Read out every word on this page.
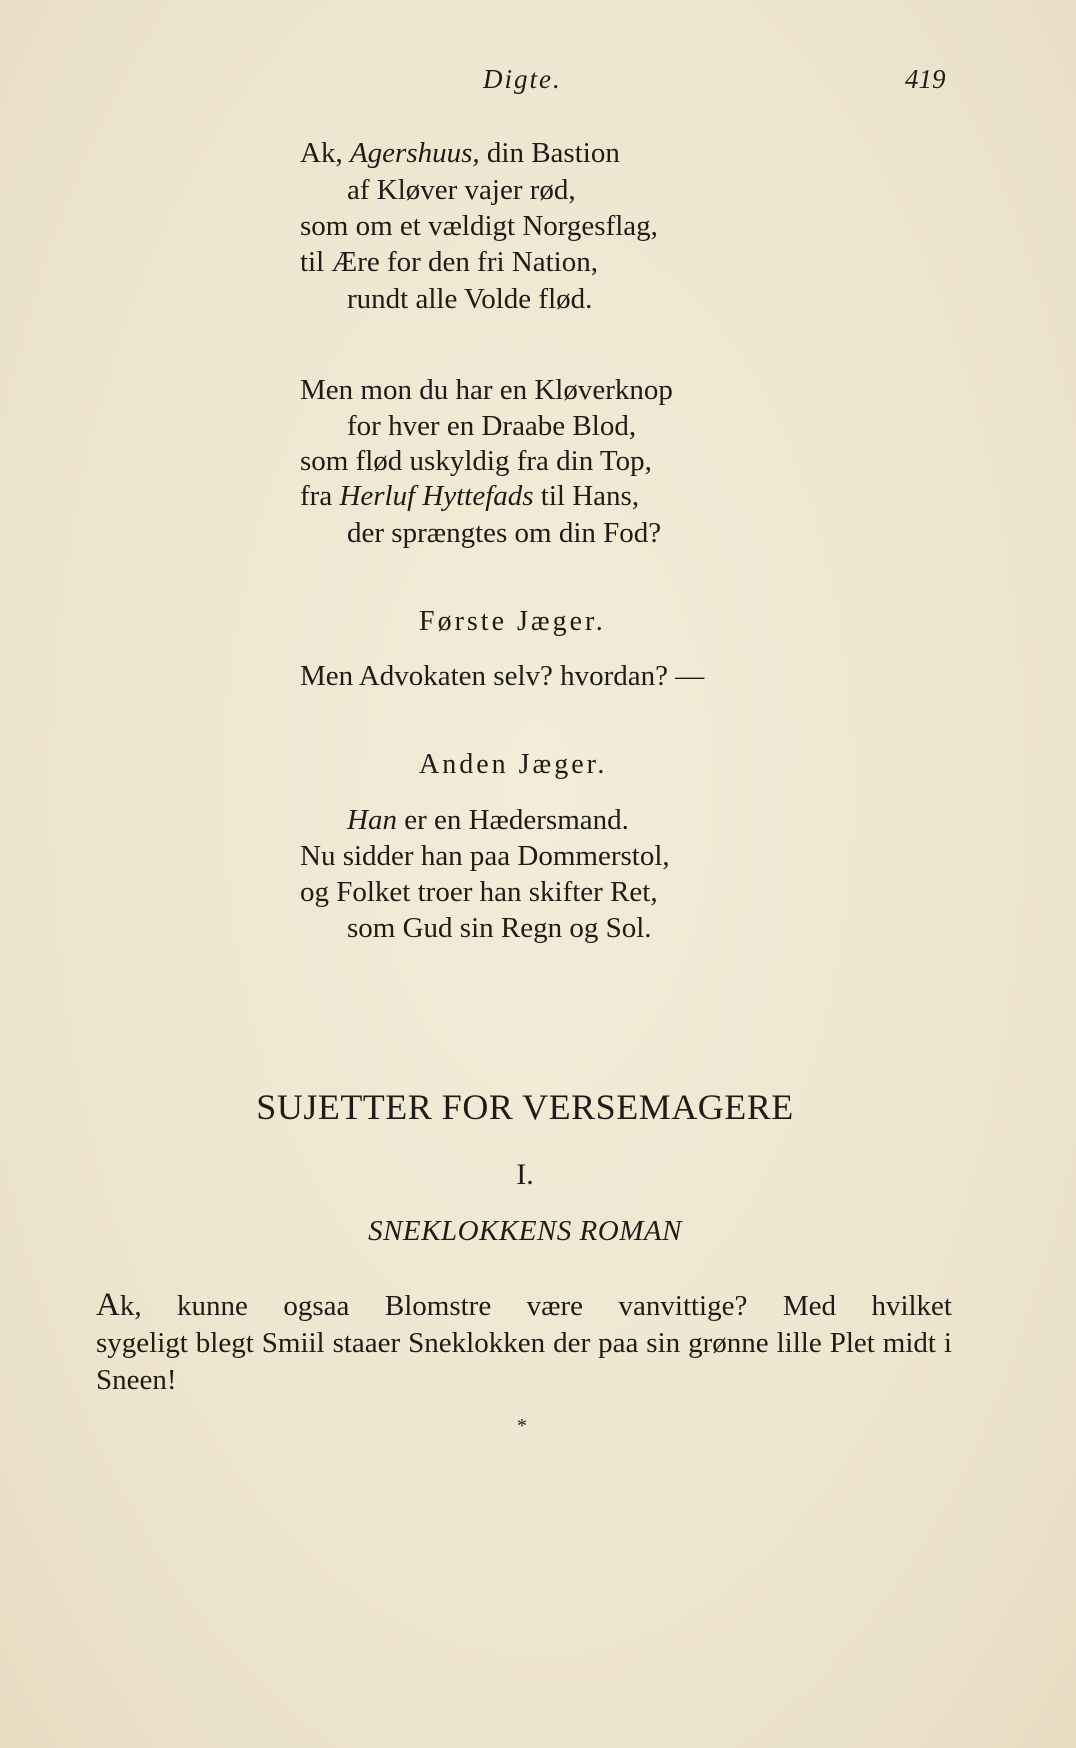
Digte.	419
Ak, Agershuus, din Bastion
af Kløver vajer rød,
som om et vældigt Norgesflag,
til Ære for den fri Nation,
rundt alle Volde flød.
Men mon du har en Kløverknop
for hver en Draabe Blod,
som flød uskyldig fra din Top,
fra Herluf Hyttefads til Hans,
der sprængtes om din Fod?
Første Jæger.
Men Advokaten selv? hvordan? —
Anden Jæger.
Han er en Hædersmand.
Nu sidder han paa Dommerstol,
og Folket troer han skifter Ret,
som Gud sin Regn og Sol.
SUJETTER FOR VERSEMAGERE
I.
SNEKLOKKENS ROMAN
Ak, kunne ogsaa Blomstre være vanvittige? Med hvilket
sygeligt blegt Smiil staaer Sneklokken der paa sin grønne lille Plet midt i Sneen!
*
